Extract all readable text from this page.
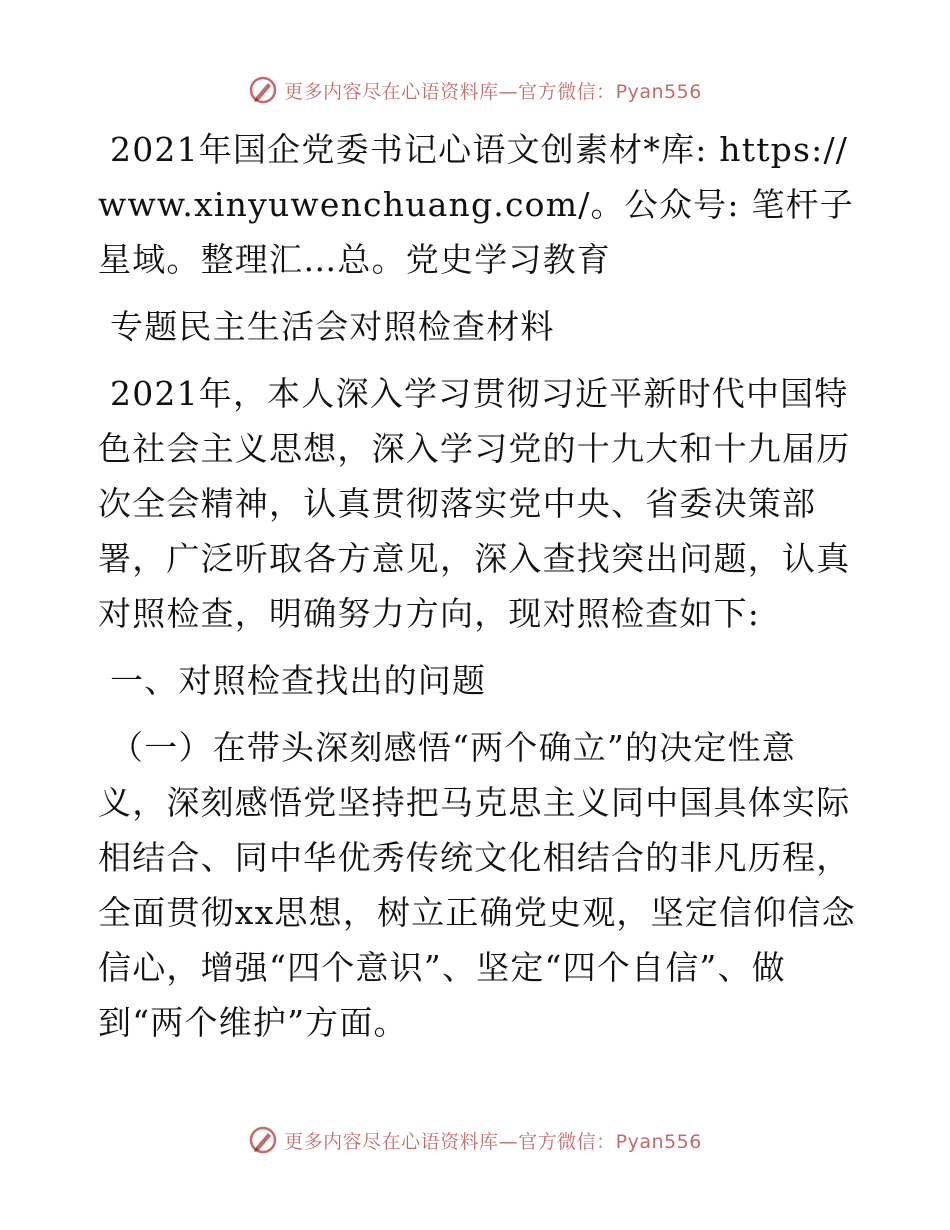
更多内容尽在心语资料库—官方微信：Pyan556

2021年国企党委书记心语文创素材*库: https://www.xinyuwenchuang.com/。公众号: 笔杆子星域。整理汇…总。党史学习教育

专题民主生活会对照检查材料

2021年，本人深入学习贯彻习近平新时代中国特色社会主义思想，深入学习党的十九大和十九届历次全会精神，认真贯彻落实党中央、省委决策部署，广泛听取各方意见，深入查找突出问题，认真对照检查，明确努力方向，现对照检查如下:

一、对照检查找出的问题

（一）在带头深刻感悟“两个确立”的决定性意义，深刻感悟党坚持把马克思主义同中国具体实际相结合、同中华优秀传统文化相结合的非凡历程，全面贯彻xx思想，树立正确党史观，坚定信仰信念信心，增强“四个意识”、坚定“四个自信”、做到“两个维护”方面。

更多内容尽在心语资料库—官方微信：Pyan556
